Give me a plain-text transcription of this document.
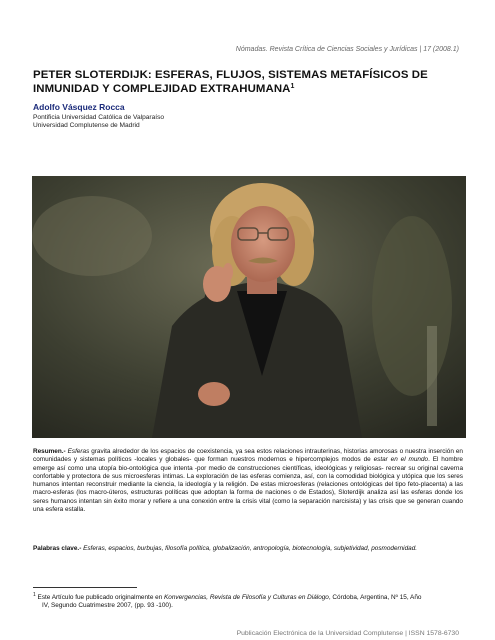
Nómadas. Revista Crítica de Ciencias Sociales y Jurídicas | 17 (2008.1)
PETER SLOTERDIJK: ESFERAS, FLUJOS, SISTEMAS METAFÍSICOS DE INMUNIDAD Y COMPLEJIDAD EXTRAHUMANA$^1$
Adolfo Vásquez Rocca
Pontificia Universidad Católica de Valparaíso
Universidad Complutense de Madrid
Resumen.- Esferas gravita alrededor de los espacios de coexistencia, ya sea estos relaciones intrauterinas, historias amorosas o nuestra inserción en comunidades y sistemas políticos -locales y globales- que forman nuestros modernos e hipercomplejos modos de estar en el mundo. El hombre emerge así como una utopía bio-ontológica que intenta -por medio de construcciones científicas, ideológicas y religiosas- recrear su original caverna confortable y protectora de sus microesferas íntimas. La exploración de las esferas comienza, así, con la comodidad biológica y utópica que los seres humanos intentan reconstruir mediante la ciencia, la ideología y la religión. De estas microesferas (relaciones ontológicas del tipo feto-placenta) a las macro-esferas (los macro-úteros, estructuras políticas que adoptan la forma de naciones o de Estados), Sloterdijk analiza así las esferas donde los seres humanos intentan sin éxito morar y refiere a una conexión entre la crisis vital (como la separación narcisista) y las crisis que se generan cuando una esfera estalla.
Palabras clave.- Esferas, espacios, burbujas, filosofía política, globalización, antropología, biotecnología, subjetividad, posmodernidad.
$^1$ Este Artículo fue publicado originalmente en Konvergencias, Revista de Filosofía y Culturas en Diálogo, Córdoba, Argentina, Nº 15, Año
IV, Segundo Cuatrimestre 2007, (pp. 93 -100).
Publicación Electrónica de la Universidad Complutense | ISSN 1578-6730
